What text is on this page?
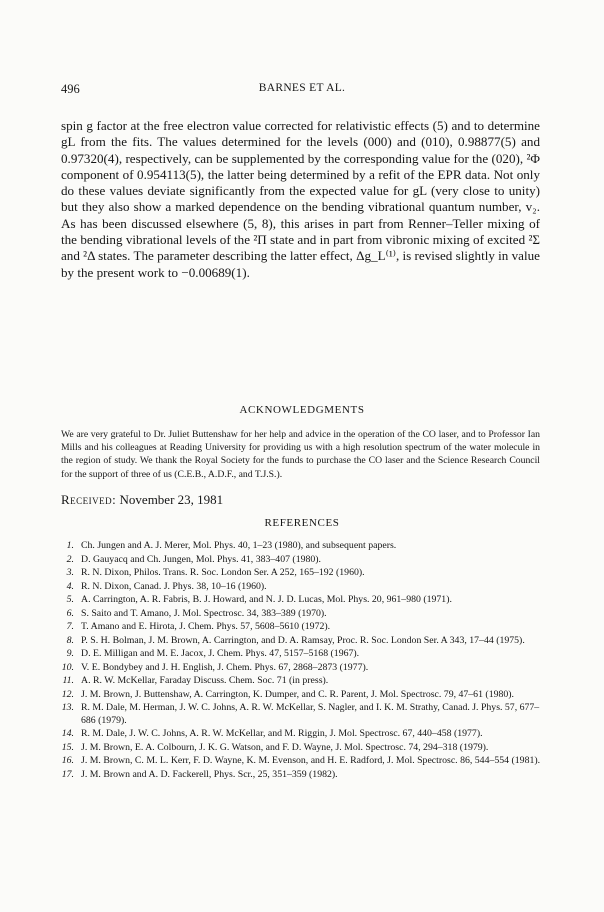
496	BARNES ET AL.
spin g factor at the free electron value corrected for relativistic effects (5) and to determine gL from the fits. The values determined for the levels (000) and (010), 0.98877(5) and 0.97320(4), respectively, can be supplemented by the corresponding value for the (020), ²Φ component of 0.954113(5), the latter being determined by a refit of the EPR data. Not only do these values deviate significantly from the expected value for gL (very close to unity) but they also show a marked dependence on the bending vibrational quantum number, v₂. As has been discussed elsewhere (5, 8), this arises in part from Renner–Teller mixing of the bending vibrational levels of the ²Π state and in part from vibronic mixing of excited ²Σ and ²Δ states. The parameter describing the latter effect, Δg_L⁽¹⁾, is revised slightly in value by the present work to −0.00689(1).
ACKNOWLEDGMENTS
We are very grateful to Dr. Juliet Buttenshaw for her help and advice in the operation of the CO laser, and to Professor Ian Mills and his colleagues at Reading University for providing us with a high resolution spectrum of the water molecule in the region of study. We thank the Royal Society for the funds to purchase the CO laser and the Science Research Council for the support of three of us (C.E.B., A.D.F., and T.J.S.).
Received: November 23, 1981
REFERENCES
1. Ch. Jungen and A. J. Merer, Mol. Phys. 40, 1–23 (1980), and subsequent papers.
2. D. Gauyacq and Ch. Jungen, Mol. Phys. 41, 383–407 (1980).
3. R. N. Dixon, Philos. Trans. R. Soc. London Ser. A 252, 165–192 (1960).
4. R. N. Dixon, Canad. J. Phys. 38, 10–16 (1960).
5. A. Carrington, A. R. Fabris, B. J. Howard, and N. J. D. Lucas, Mol. Phys. 20, 961–980 (1971).
6. S. Saito and T. Amano, J. Mol. Spectrosc. 34, 383–389 (1970).
7. T. Amano and E. Hirota, J. Chem. Phys. 57, 5608–5610 (1972).
8. P. S. H. Bolman, J. M. Brown, A. Carrington, and D. A. Ramsay, Proc. R. Soc. London Ser. A 343, 17–44 (1975).
9. D. E. Milligan and M. E. Jacox, J. Chem. Phys. 47, 5157–5168 (1967).
10. V. E. Bondybey and J. H. English, J. Chem. Phys. 67, 2868–2873 (1977).
11. A. R. W. McKellar, Faraday Discuss. Chem. Soc. 71 (in press).
12. J. M. Brown, J. Buttenshaw, A. Carrington, K. Dumper, and C. R. Parent, J. Mol. Spectrosc. 79, 47–61 (1980).
13. R. M. Dale, M. Herman, J. W. C. Johns, A. R. W. McKellar, S. Nagler, and I. K. M. Strathy, Canad. J. Phys. 57, 677–686 (1979).
14. R. M. Dale, J. W. C. Johns, A. R. W. McKellar, and M. Riggin, J. Mol. Spectrosc. 67, 440–458 (1977).
15. J. M. Brown, E. A. Colbourn, J. K. G. Watson, and F. D. Wayne, J. Mol. Spectrosc. 74, 294–318 (1979).
16. J. M. Brown, C. M. L. Kerr, F. D. Wayne, K. M. Evenson, and H. E. Radford, J. Mol. Spectrosc. 86, 544–554 (1981).
17. J. M. Brown and A. D. Fackerell, Phys. Scr., 25, 351–359 (1982).
